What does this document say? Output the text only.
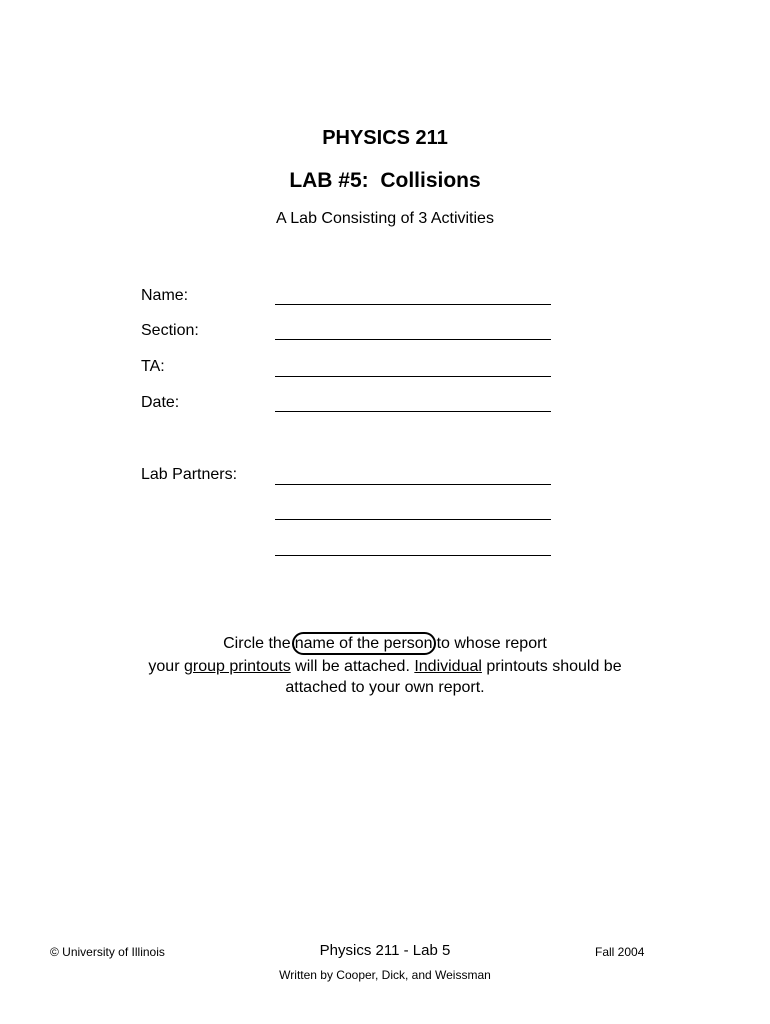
PHYSICS 211
LAB #5:  Collisions
A Lab Consisting of 3 Activities
Name:
Section:
TA:
Date:
Lab Partners:
Circle the name of the person to whose report
your group printouts will be attached. Individual printouts should be
attached to your own report.
© University of Illinois	Physics 211 - Lab 5	Fall 2004
Written by Cooper, Dick, and Weissman
